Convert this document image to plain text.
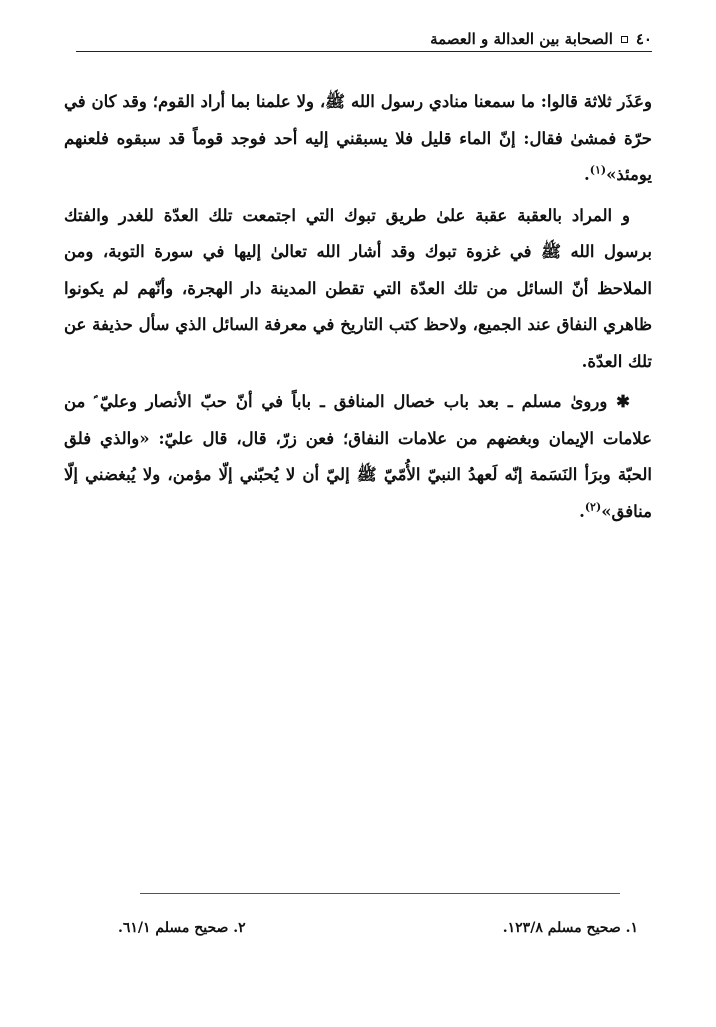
٤٠
الصحابة بين العدالة و العصمة

وعَذَر ثلاثة قالوا: ما سمعنا منادي رسول الله ﷺ، ولا علمنا بما أراد القوم؛ وقد كان في حرّة فمشىٰ فقال: إنّ الماء قليل فلا يسبقني إليه أحد فوجد قوماً قد سبقوه فلعنهم يومئذ»$^{(١)}$.

و المراد بالعقبة عقبة علىٰ طريق تبوك التي اجتمعت تلك العدّة للغدر والفتك برسول الله ﷺ في غزوة تبوك وقد أشار الله تعالىٰ إليها في سورة التوبة، ومن الملاحظ أنّ السائل من تلك العدّة التي تقطن المدينة دار الهجرة، وأنّهم لم يكونوا ظاهري النفاق عند الجميع، ولاحظ كتب التاريخ في معرفة السائل الذي سأل حذيفة عن تلك العدّة.

✱ وروىٰ مسلم ـ بعد باب خصال المنافق ـ باباً في أنّ حبّ الأنصار وعليّ ؑ من علامات الإيمان وبغضهم من علامات النفاق؛ فعن زرّ، قال، قال عليّ: «والذي فلق الحبّة وبرَأ النَسَمة إنّه لَعهدُ النبيّ الأُمّيّ ﷺ إليّ أن لا يُحبّني إلّا مؤمن، ولا يُبغضني إلّا منافق»$^{(٢)}$.

١. صحيح مسلم ١٢٣/٨.
٢. صحيح مسلم ٦١/١.
